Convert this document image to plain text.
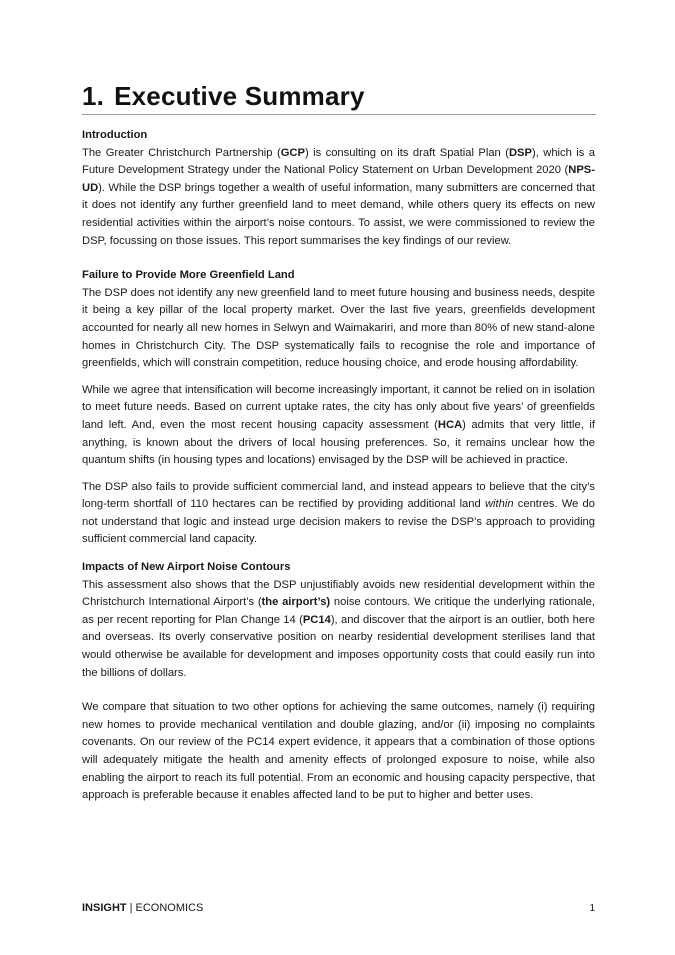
1. Executive Summary
Introduction

The Greater Christchurch Partnership (GCP) is consulting on its draft Spatial Plan (DSP), which is a Future Development Strategy under the National Policy Statement on Urban Development 2020 (NPS-UD). While the DSP brings together a wealth of useful information, many submitters are concerned that it does not identify any further greenfield land to meet demand, while others query its effects on new residential activities within the airport’s noise contours. To assist, we were commissioned to review the DSP, focussing on those issues. This report summarises the key findings of our review.

Failure to Provide More Greenfield Land

The DSP does not identify any new greenfield land to meet future housing and business needs, despite it being a key pillar of the local property market. Over the last five years, greenfields development accounted for nearly all new homes in Selwyn and Waimakariri, and more than 80% of new stand-alone homes in Christchurch City. The DSP systematically fails to recognise the role and importance of greenfields, which will constrain competition, reduce housing choice, and erode housing affordability.

While we agree that intensification will become increasingly important, it cannot be relied on in isolation to meet future needs. Based on current uptake rates, the city has only about five years’ of greenfields land left. And, even the most recent housing capacity assessment (HCA) admits that very little, if anything, is known about the drivers of local housing preferences. So, it remains unclear how the quantum shifts (in housing types and locations) envisaged by the DSP will be achieved in practice.

The DSP also fails to provide sufficient commercial land, and instead appears to believe that the city’s long-term shortfall of 110 hectares can be rectified by providing additional land within centres. We do not understand that logic and instead urge decision makers to revise the DSP’s approach to providing sufficient commercial land capacity.

Impacts of New Airport Noise Contours

This assessment also shows that the DSP unjustifiably avoids new residential development within the Christchurch International Airport’s (the airport’s) noise contours. We critique the underlying rationale, as per recent reporting for Plan Change 14 (PC14), and discover that the airport is an outlier, both here and overseas. Its overly conservative position on nearby residential development sterilises land that would otherwise be available for development and imposes opportunity costs that could easily run into the billions of dollars.

We compare that situation to two other options for achieving the same outcomes, namely (i) requiring new homes to provide mechanical ventilation and double glazing, and/or (ii) imposing no complaints covenants. On our review of the PC14 expert evidence, it appears that a combination of those options will adequately mitigate the health and amenity effects of prolonged exposure to noise, while also enabling the airport to reach its full potential. From an economic and housing capacity perspective, that approach is preferable because it enables affected land to be put to higher and better uses.

INSIGHT | ECONOMICS	1
